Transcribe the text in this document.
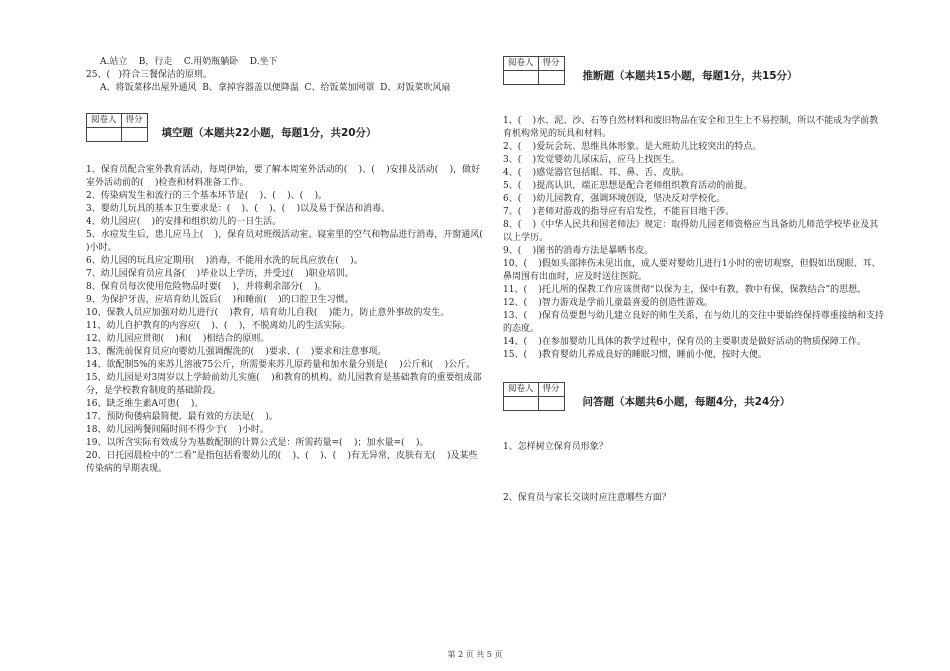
A.站立    B，行走    C.用奶瓶躺卧    D.坐下

25、(   )符合三餐保洁的原则。

A、将饭菜移出屋外通风  B、拿掉容器盖以便降温  C、给饭菜加网罩  D、对饭菜吹风扇

阅卷人	得分

填空题（本题共22小题，每题1分，共20分）

1、保育员配合室外教育活动，每周伊始，要了解本周室外活动的(    )、(    )安排及活动(    )，做好室外活动前的(    )检查和材料准备工作。

2、传染病发生和流行的三个基本环节是(    )、(    )、(    )。

3、婴幼儿玩具的基本卫生要求是：(    )、(    )、(    )以及易于保洁和消毒。

4、幼儿园应(    )的安排和组织幼儿的一日生活。

5、水痘发生后，患儿应马上(    )，保育员对班级活动室、寝室里的空气和物品进行消毒，开窗通风(    )小时。

6、幼儿园的玩具应定期用(    )消毒，不能用水洗的玩具应放在(    )。

7、幼儿园保育员应具备(    )毕业以上学历，并受过(    )职业培训。

8、保育员每次使用危险物品时要(    )，并将剩余部分(    )。

9、为保护牙齿，应培育幼儿饭后(    )和睡前(    )的口腔卫生习惯。

10、保教人员应加强对幼儿进行(    )教育，培育幼儿自我(    )能力，防止意外事故的发生。

11、幼儿自护教育的内容应(    )、(    )，不脱离幼儿的生活实际。

12、幼儿园应贯彻(    )和(    )相结合的原则。

13、醒洗前保育员应向婴幼儿强调醒洗的(    )要求、(    )要求和注意事项。

14、欲配制5%的来苏儿溶液75公斤，所需要来苏儿原药量和加水量分别是(    )公斤和(    )公斤。

15、幼儿园是对3周岁以上学龄前幼儿实施(    )和教育的机构。幼儿园教育是基础教育的重要组成部分，是学校教育制度的基础阶段。

16、缺乏维生素A可患(    )。

17、预防佝偻病最简便、最有效的方法是(    )。

18、幼儿园两餐间隔时间不得少于(    )小时。

19、以所含实际有效成分为基数配制的计算公式是：所需药量=(    )；加水量=(    )。

20、日托园晨检中的“二看”是指包括看婴幼儿的(    )、(    )、(    )有无异常，皮肤有无(    )及某些传染病的早期表现。

阅卷人	得分

推断题（本题共15小题，每题1分，共15分）

1、(    )水、泥、沙、石等自然材料和废旧物品在安全和卫生上不易控制，所以不能成为学前教育机构常见的玩具和材料。

2、(    )爱玩会玩、思维具体形象。是大班幼儿比较突出的特点。

3、(    )发觉婴幼儿尿床后，应马上找医生。

4、(    )感觉器官包括眼、耳、鼻、舌、皮肤。

5、(    )提高认识，端正思想是配合老师组织教育活动的前提。

6、(    )幼儿园教育，强调环境创设，坚决反对学校化。

7、(    )老师对游戏的指导应有启发性，不能盲目地干涉。

8、(    )《中华人民共和国老师法》规定：取得幼儿园老师资格应当具备幼儿师范学校毕业及其以上学历。

9、(    )图书的消毒方法是暴晒书皮。

10、(    )假如头部摔伤未见出血，成人要对婴幼儿进行1小时的密切观察，但假如出现眼、耳、鼻周围有出血时，应及时送往医院。

11、(    )托儿所的保教工作应该贯彻“以保为主，保中有教，教中有保，保教结合”的思想。

12、(    )智力游戏是学前儿童最喜爱的创造性游戏。

13、(    )保育员要想与幼儿建立良好的师生关系，在与幼儿的交往中要始终保持尊重接纳和支持的态度。

14、(    )在参加婴幼儿具体的教学过程中，保育员的主要职责是做好活动的物质保障工作。

15、(    )教育婴幼儿养成良好的睡眠习惯，睡前小便，按时大便。

阅卷人	得分

问答题（本题共6小题，每题4分，共24分）

1、怎样树立保育员形象？

2、保育员与家长交谈时应注意哪些方面？

第 2 页 共 5 页
